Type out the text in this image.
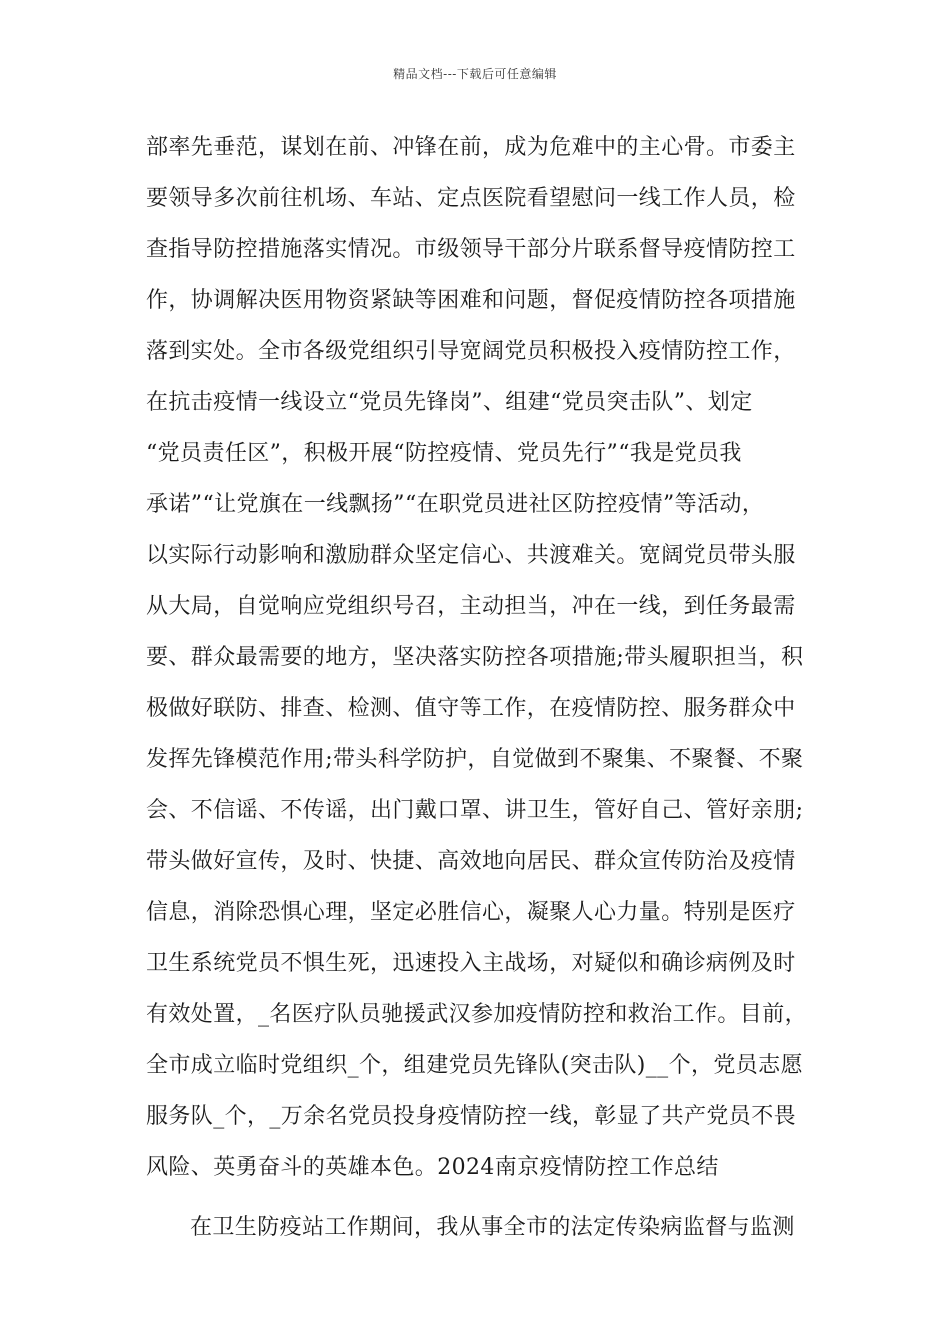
精品文档---下载后可任意编辑
部率先垂范，谋划在前、冲锋在前，成为危难中的主心骨。市委主
要领导多次前往机场、车站、定点医院看望慰问一线工作人员，检
查指导防控措施落实情况。市级领导干部分片联系督导疫情防控工
作，协调解决医用物资紧缺等困难和问题，督促疫情防控各项措施
落到实处。全市各级党组织引导宽阔党员积极投入疫情防控工作，
在抗击疫情一线设立“党员先锋岗”、组建“党员突击队”、划定
“党员责任区”，积极开展“防控疫情、党员先行”“我是党员我
承诺”“让党旗在一线飘扬”“在职党员进社区防控疫情”等活动，
以实际行动影响和激励群众坚定信心、共渡难关。宽阔党员带头服
从大局，自觉响应党组织号召，主动担当，冲在一线，到任务最需
要、群众最需要的地方，坚决落实防控各项措施;带头履职担当，积
极做好联防、排查、检测、值守等工作，在疫情防控、服务群众中
发挥先锋模范作用;带头科学防护，自觉做到不聚集、不聚餐、不聚
会、不信谣、不传谣，出门戴口罩、讲卫生，管好自己、管好亲朋;
带头做好宣传，及时、快捷、高效地向居民、群众宣传防治及疫情
信息，消除恐惧心理，坚定必胜信心，凝聚人心力量。特别是医疗
卫生系统党员不惧生死，迅速投入主战场，对疑似和确诊病例及时
有效处置，_名医疗队员驰援武汉参加疫情防控和救治工作。目前，
全市成立临时党组织_个，组建党员先锋队(突击队)__个，党员志愿
服务队_个，_万余名党员投身疫情防控一线，彰显了共产党员不畏
风险、英勇奋斗的英雄本色。2024南京疫情防控工作总结
在卫生防疫站工作期间，我从事全市的法定传染病监督与监测
